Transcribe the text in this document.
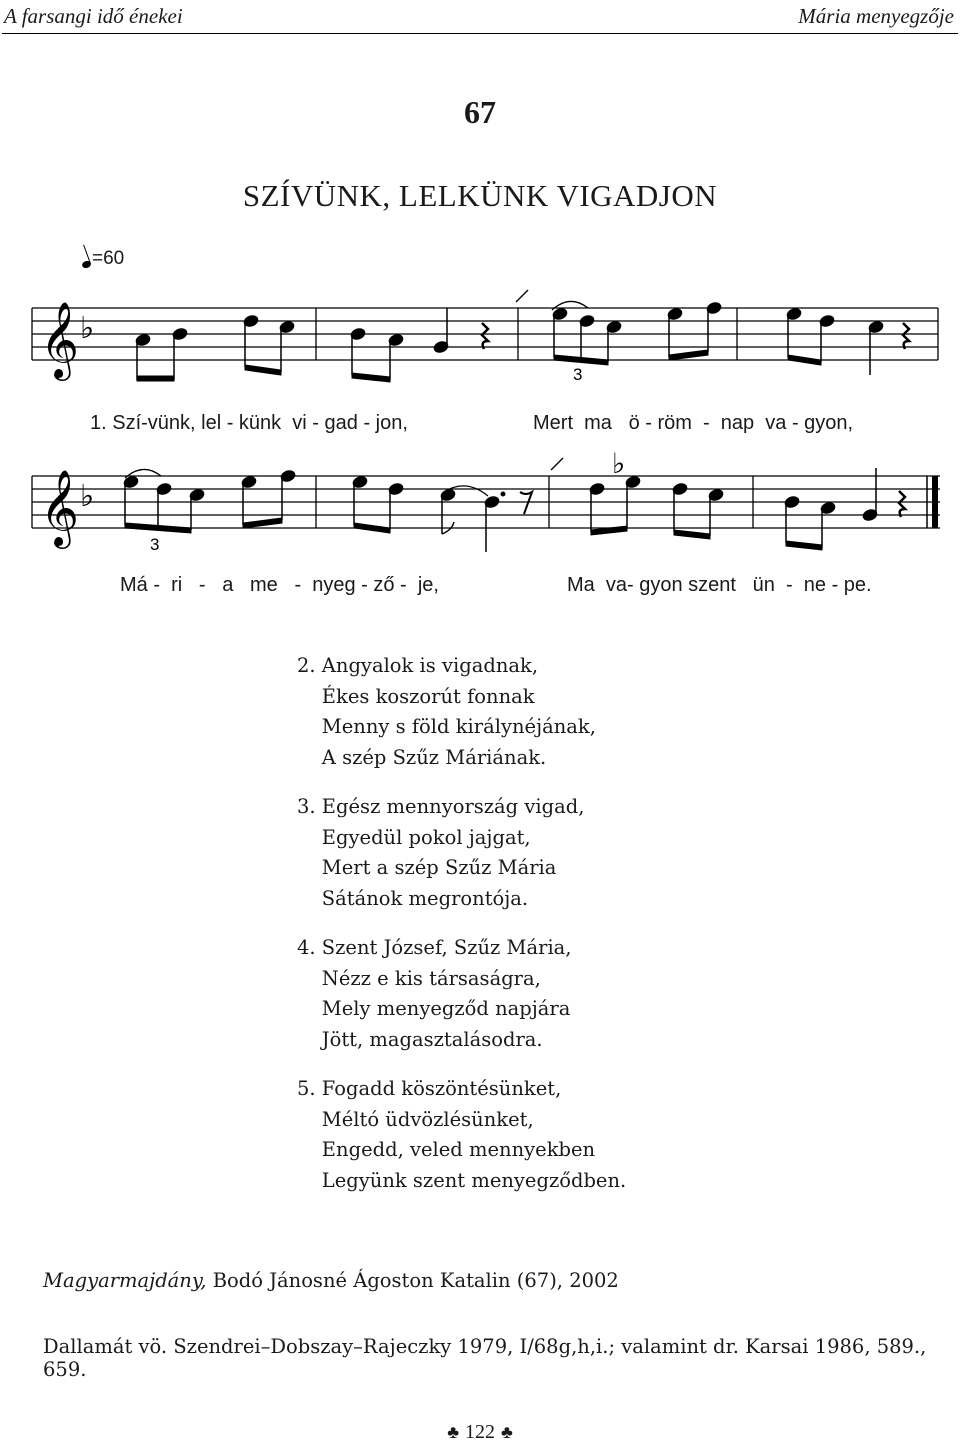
A farsangi idő énekei	Mária menyegzője
67
SZÍVÜNK, LELKÜNK VIGADJON
=60
𝄞 ♭
3
1. Szí-vünk, lel - künk  vi - gad - jon,	Mert  ma   ö - röm  -  nap  va - gyon,
𝄞 ♭
♭
3
Má -  ri   -   a   me   -  nyeg - ző -  je,	Ma  va- gyon szent   ün  -  ne - pe.
2. Angyalok is vigadnak,
Ékes koszorút fonnak
Menny s föld királynéjának,
A szép Szűz Máriának.
3. Egész mennyország vigad,
Egyedül pokol jajgat,
Mert a szép Szűz Mária
Sátánok megrontója.
4. Szent József, Szűz Mária,
Nézz e kis társaságra,
Mely menyegződ napjára
Jött, magasztalásodra.
5. Fogadd köszöntésünket,
Méltó üdvözlésünket,
Engedd, veled mennyekben
Legyünk szent menyegződben.
Magyarmajdány, Bodó Jánosné Ágoston Katalin (67), 2002
Dallamát vö. Szendrei–Dobszay–Rajeczky 1979, I/68g,h,i.; valamint dr. Karsai 1986, 589., 659.
♣ 122 ♣
